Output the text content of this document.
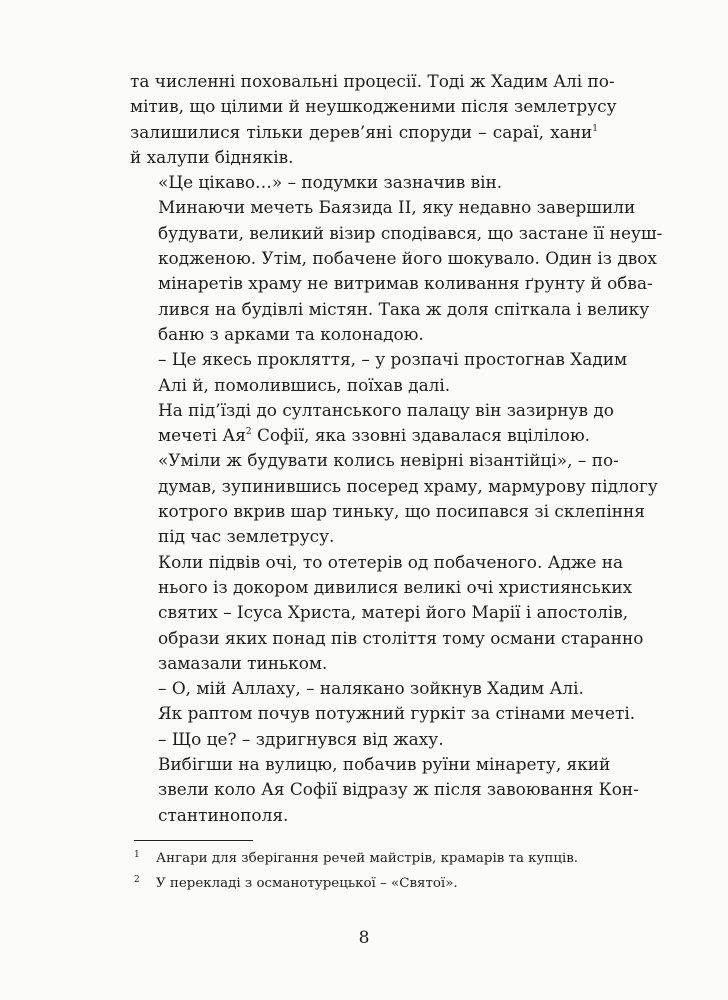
та численні поховальні процесії. Тоді ж Хадим Алі по-
мітив, що цілими й неушкодженими після землетрусу
залишилися тільки дерев’яні споруди – сараї, хани$^1$
й халупи бідняків.

«Це цікаво…» – подумки зазначив він.

Минаючи мечеть Баязида II, яку недавно завершили
будувати, великий візир сподівався, що застане її неуш-
кодженою. Утім, побачене його шокувало. Один із двох
мінаретів храму не витримав коливання ґрунту й обва-
лився на будівлі містян. Така ж доля спіткала і велику
баню з арками та колонадою.

– Це якесь прокляття, – у розпачі простогнав Хадим
Алі й, помолившись, поїхав далі.

На під’їзді до султанського палацу він зазирнув до
мечеті $Ая^2$ Софії, яка ззовні здавалася вцілілою.

«Уміли ж будувати колись невірні візантійці», – по-
думав, зупинившись посеред храму, мармурову підлогу
котрого вкрив шар тиньку, що посипався зі склепіння
під час землетрусу.

Коли підвів очі, то отетерів од побаченого. Адже на
нього із докором дивилися великі очі християнських
святих – Ісуса Христа, матері його Марії і апостолів,
образи яких понад пів століття тому османи старанно
замазали тиньком.

– О, мій Аллаху, – налякано зойкнув Хадим Алі.

Як раптом почув потужний гуркіт за стінами мечеті.

– Що це? – здригнувся від жаху.

Вибігши на вулицю, побачив руїни мінарету, який
звели коло Ая Софії відразу ж після завоювання Кон-
стантинополя.

1 Ангари для зберігання речей майстрів, крамарів та купців.
2 У перекладі з османотурецької – «Святої».
8
